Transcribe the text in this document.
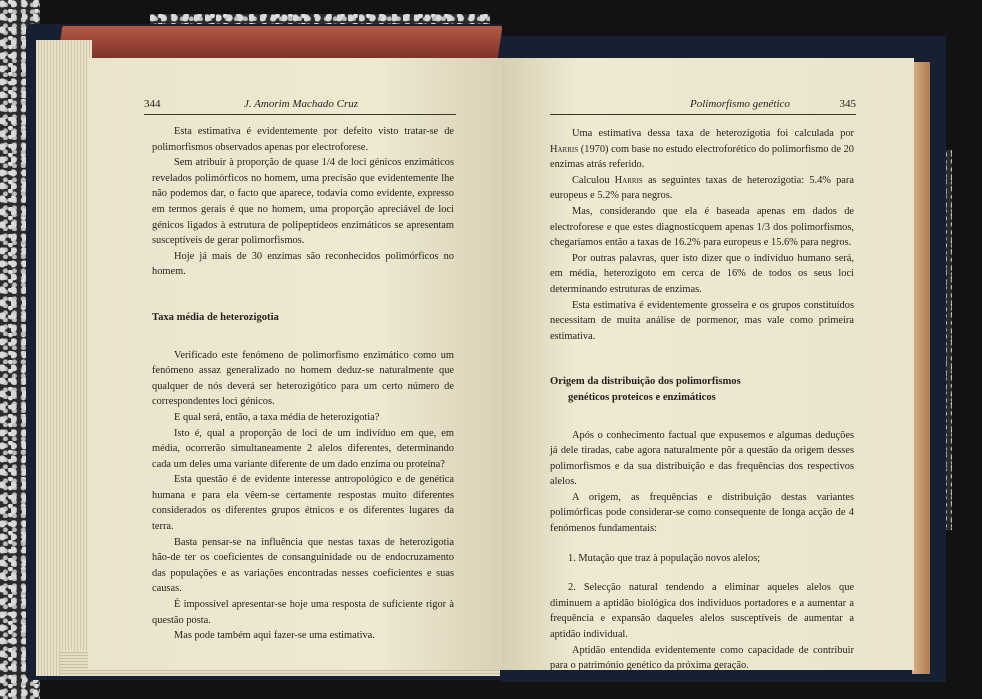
344	J. Amorim Machado Cruz

Esta estimativa é evidentemente por defeito visto tratar-se de polimorfismos observados apenas por electroforese.

Sem atribuir à proporção de quase 1/4 de loci génicos enzimáticos revelados polimórficos no homem, uma precisão que evidentemente lhe não podemos dar, o facto que aparece, todavia como evidente, expresso em termos gerais é que no homem, uma proporção apreciável de loci génicos ligados à estrutura de polipeptídeos enzimáticos se apresentam susceptíveis de gerar polimorfismos.

Hoje já mais de 30 enzimas são reconhecidos polimórficos no homem.

Taxa média de heterozigotia

Verificado este fenómeno de polimorfismo enzimático como um fenómeno assaz generalizado no homem deduz-se naturalmente que qualquer de nós deverá ser heterozigótico para um certo número de correspondentes loci génicos.

E qual será, então, a taxa média de heterozigotia?

Isto é, qual a proporção de loci de um indivíduo em que, em média, ocorrerão simultaneamente 2 alelos diferentes, determinando cada um deles uma variante diferente de um dado enzima ou proteína?

Esta questão é de evidente interesse antropológico e de genética humana e para ela vêem-se certamente respostas muito diferentes considerados os diferentes grupos étnicos e os diferentes lugares da terra.

Basta pensar-se na influência que nestas taxas de heterozigotia hão-de ter os coeficientes de consanguinidade ou de endocruzamento das populações e as variações encontradas nesses coeficientes e suas causas.

É impossível apresentar-se hoje uma resposta de suficiente rigor à questão posta.

Mas pode também aqui fazer-se uma estimativa.

Polimorfismo genético	345

Uma estimativa dessa taxa de heterozigotia foi calculada por Harris (1970) com base no estudo electroforético do polimorfismo de 20 enzimas atrás referido.

Calculou Harris as seguintes taxas de heterozigotia: 5.4% para europeus e 5.2% para negros.

Mas, considerando que ela é baseada apenas em dados de electroforese e que estes diagnosticquem apenas 1/3 dos polimorfismos, chegaríamos então a taxas de 16.2% para europeus e 15.6% para negros.

Por outras palavras, quer isto dizer que o indivíduo humano será, em média, heterozigoto em cerca de 16% de todos os seus loci determinando estruturas de enzimas.

Esta estimativa é evidentemente grosseira e os grupos constituídos necessitam de muita análise de pormenor, mas vale como primeira estimativa.

Origem da distribuição dos polimorfismos
genéticos proteicos e enzimáticos

Após o conhecimento factual que expusemos e algumas deduções já dele tiradas, cabe agora naturalmente pôr a questão da origem desses polimorfismos e da sua distribuição e das frequências dos respectivos alelos.

A origem, as frequências e distribuição destas variantes polimórficas pode considerar-se como consequente de longa acção de 4 fenómenos fundamentais:

1. Mutação que traz à população novos alelos;

2. Selecção natural tendendo a eliminar aqueles alelos que diminuem a aptidão biológica dos indivíduos portadores e a aumentar a frequência e expansão daqueles alelos susceptíveis de aumentar a aptidão individual.

Aptidão entendida evidentemente como capacidade de contribuir para o património genético da próxima geração.
